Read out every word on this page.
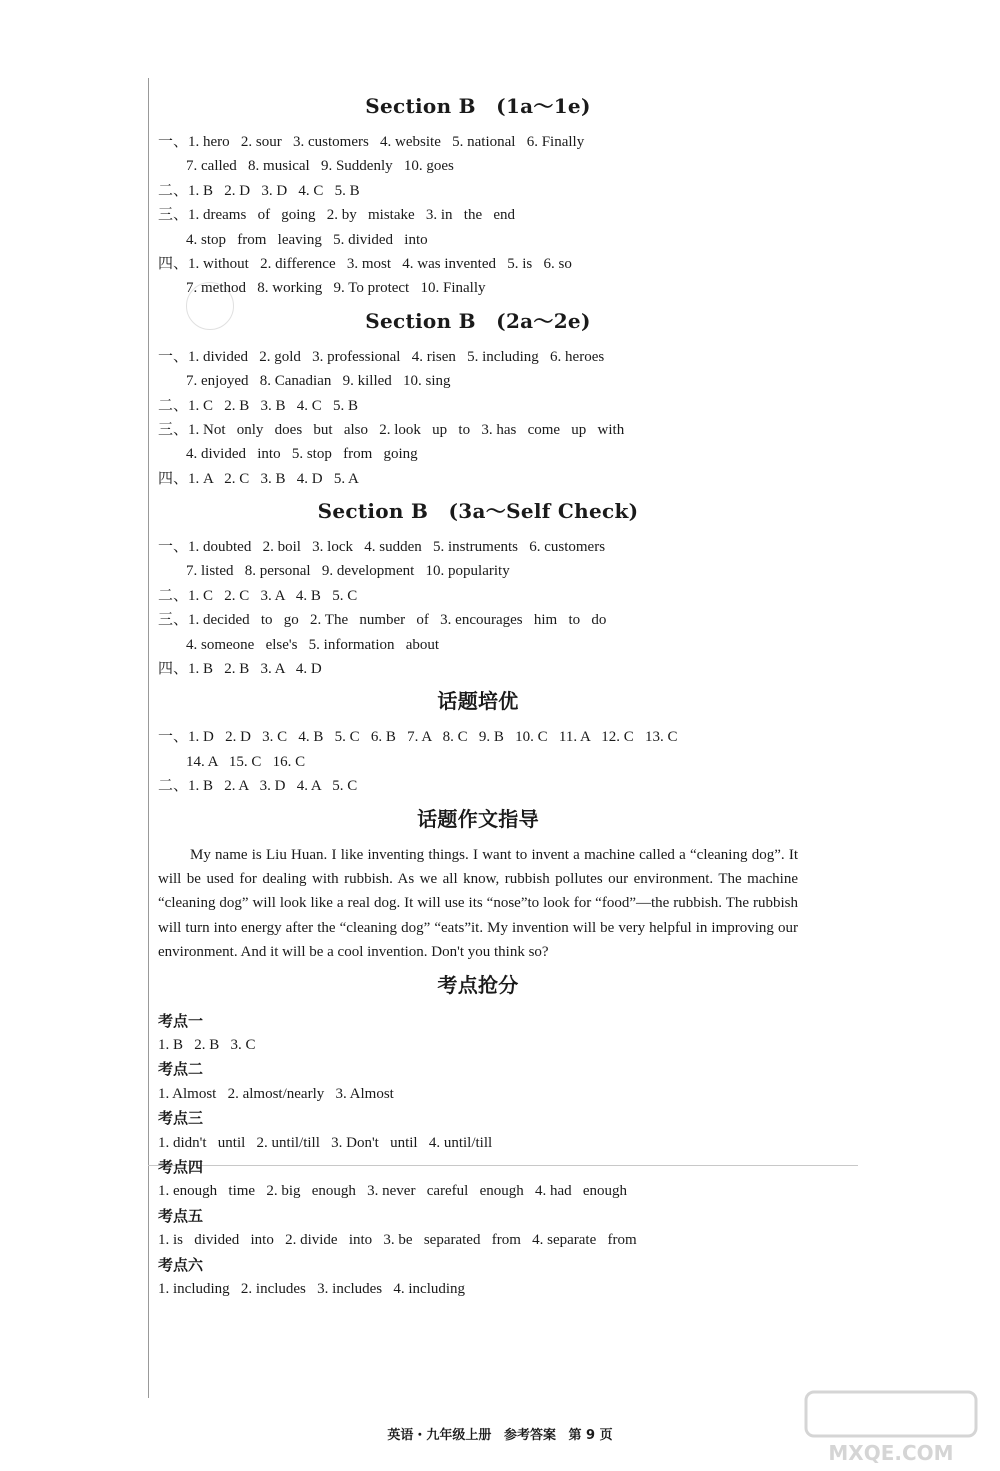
Section B　(1a～1e)
一、1. hero   2. sour   3. customers   4. website   5. national   6. Finally
7. called   8. musical   9. Suddenly   10. goes
二、1. B   2. D   3. D   4. C   5. B
三、1. dreams   of   going   2. by   mistake   3. in   the   end
4. stop   from   leaving   5. divided   into
四、1. without   2. difference   3. most   4. was invented   5. is   6. so
7. method   8. working   9. To protect   10. Finally
Section B　(2a～2e)
一、1. divided   2. gold   3. professional   4. risen   5. including   6. heroes
7. enjoyed   8. Canadian   9. killed   10. sing
二、1. C   2. B   3. B   4. C   5. B
三、1. Not   only   does   but   also   2. look   up   to   3. has   come   up   with
4. divided   into   5. stop   from   going
四、1. A   2. C   3. B   4. D   5. A
Section B　(3a～Self Check)
一、1. doubted   2. boil   3. lock   4. sudden   5. instruments   6. customers
7. listed   8. personal   9. development   10. popularity
二、1. C   2. C   3. A   4. B   5. C
三、1. decided   to   go   2. The   number   of   3. encourages   him   to   do
4. someone   else's   5. information   about
四、1. B   2. B   3. A   4. D
话题培优
一、1. D   2. D   3. C   4. B   5. C   6. B   7. A   8. C   9. B   10. C   11. A   12. C   13. C
14. A   15. C   16. C
二、1. B   2. A   3. D   4. A   5. C
话题作文指导
My name is Liu Huan. I like inventing things. I want to invent a machine called a “cleaning dog”. It will be used for dealing with rubbish. As we all know, rubbish pollutes our environment. The machine “cleaning dog” will look like a real dog. It will use its “nose”to look for “food”—the rubbish. The rubbish will turn into energy after the “cleaning dog” “eats”it. My invention will be very helpful in improving our environment. And it will be a cool invention. Don't you think so?
考点抢分
考点一
1. B   2. B   3. C
考点二
1. Almost   2. almost/nearly   3. Almost
考点三
1. didn't   until   2. until/till   3. Don't   until   4. until/till
考点四
1. enough   time   2. big   enough   3. never   careful   enough   4. had   enough
考点五
1. is   divided   into   2. divide   into   3. be   separated   from   4. separate   from
考点六
1. including   2. includes   3. includes   4. including
英语・九年级上册 参考答案 第 9 页
MXQE.COM
